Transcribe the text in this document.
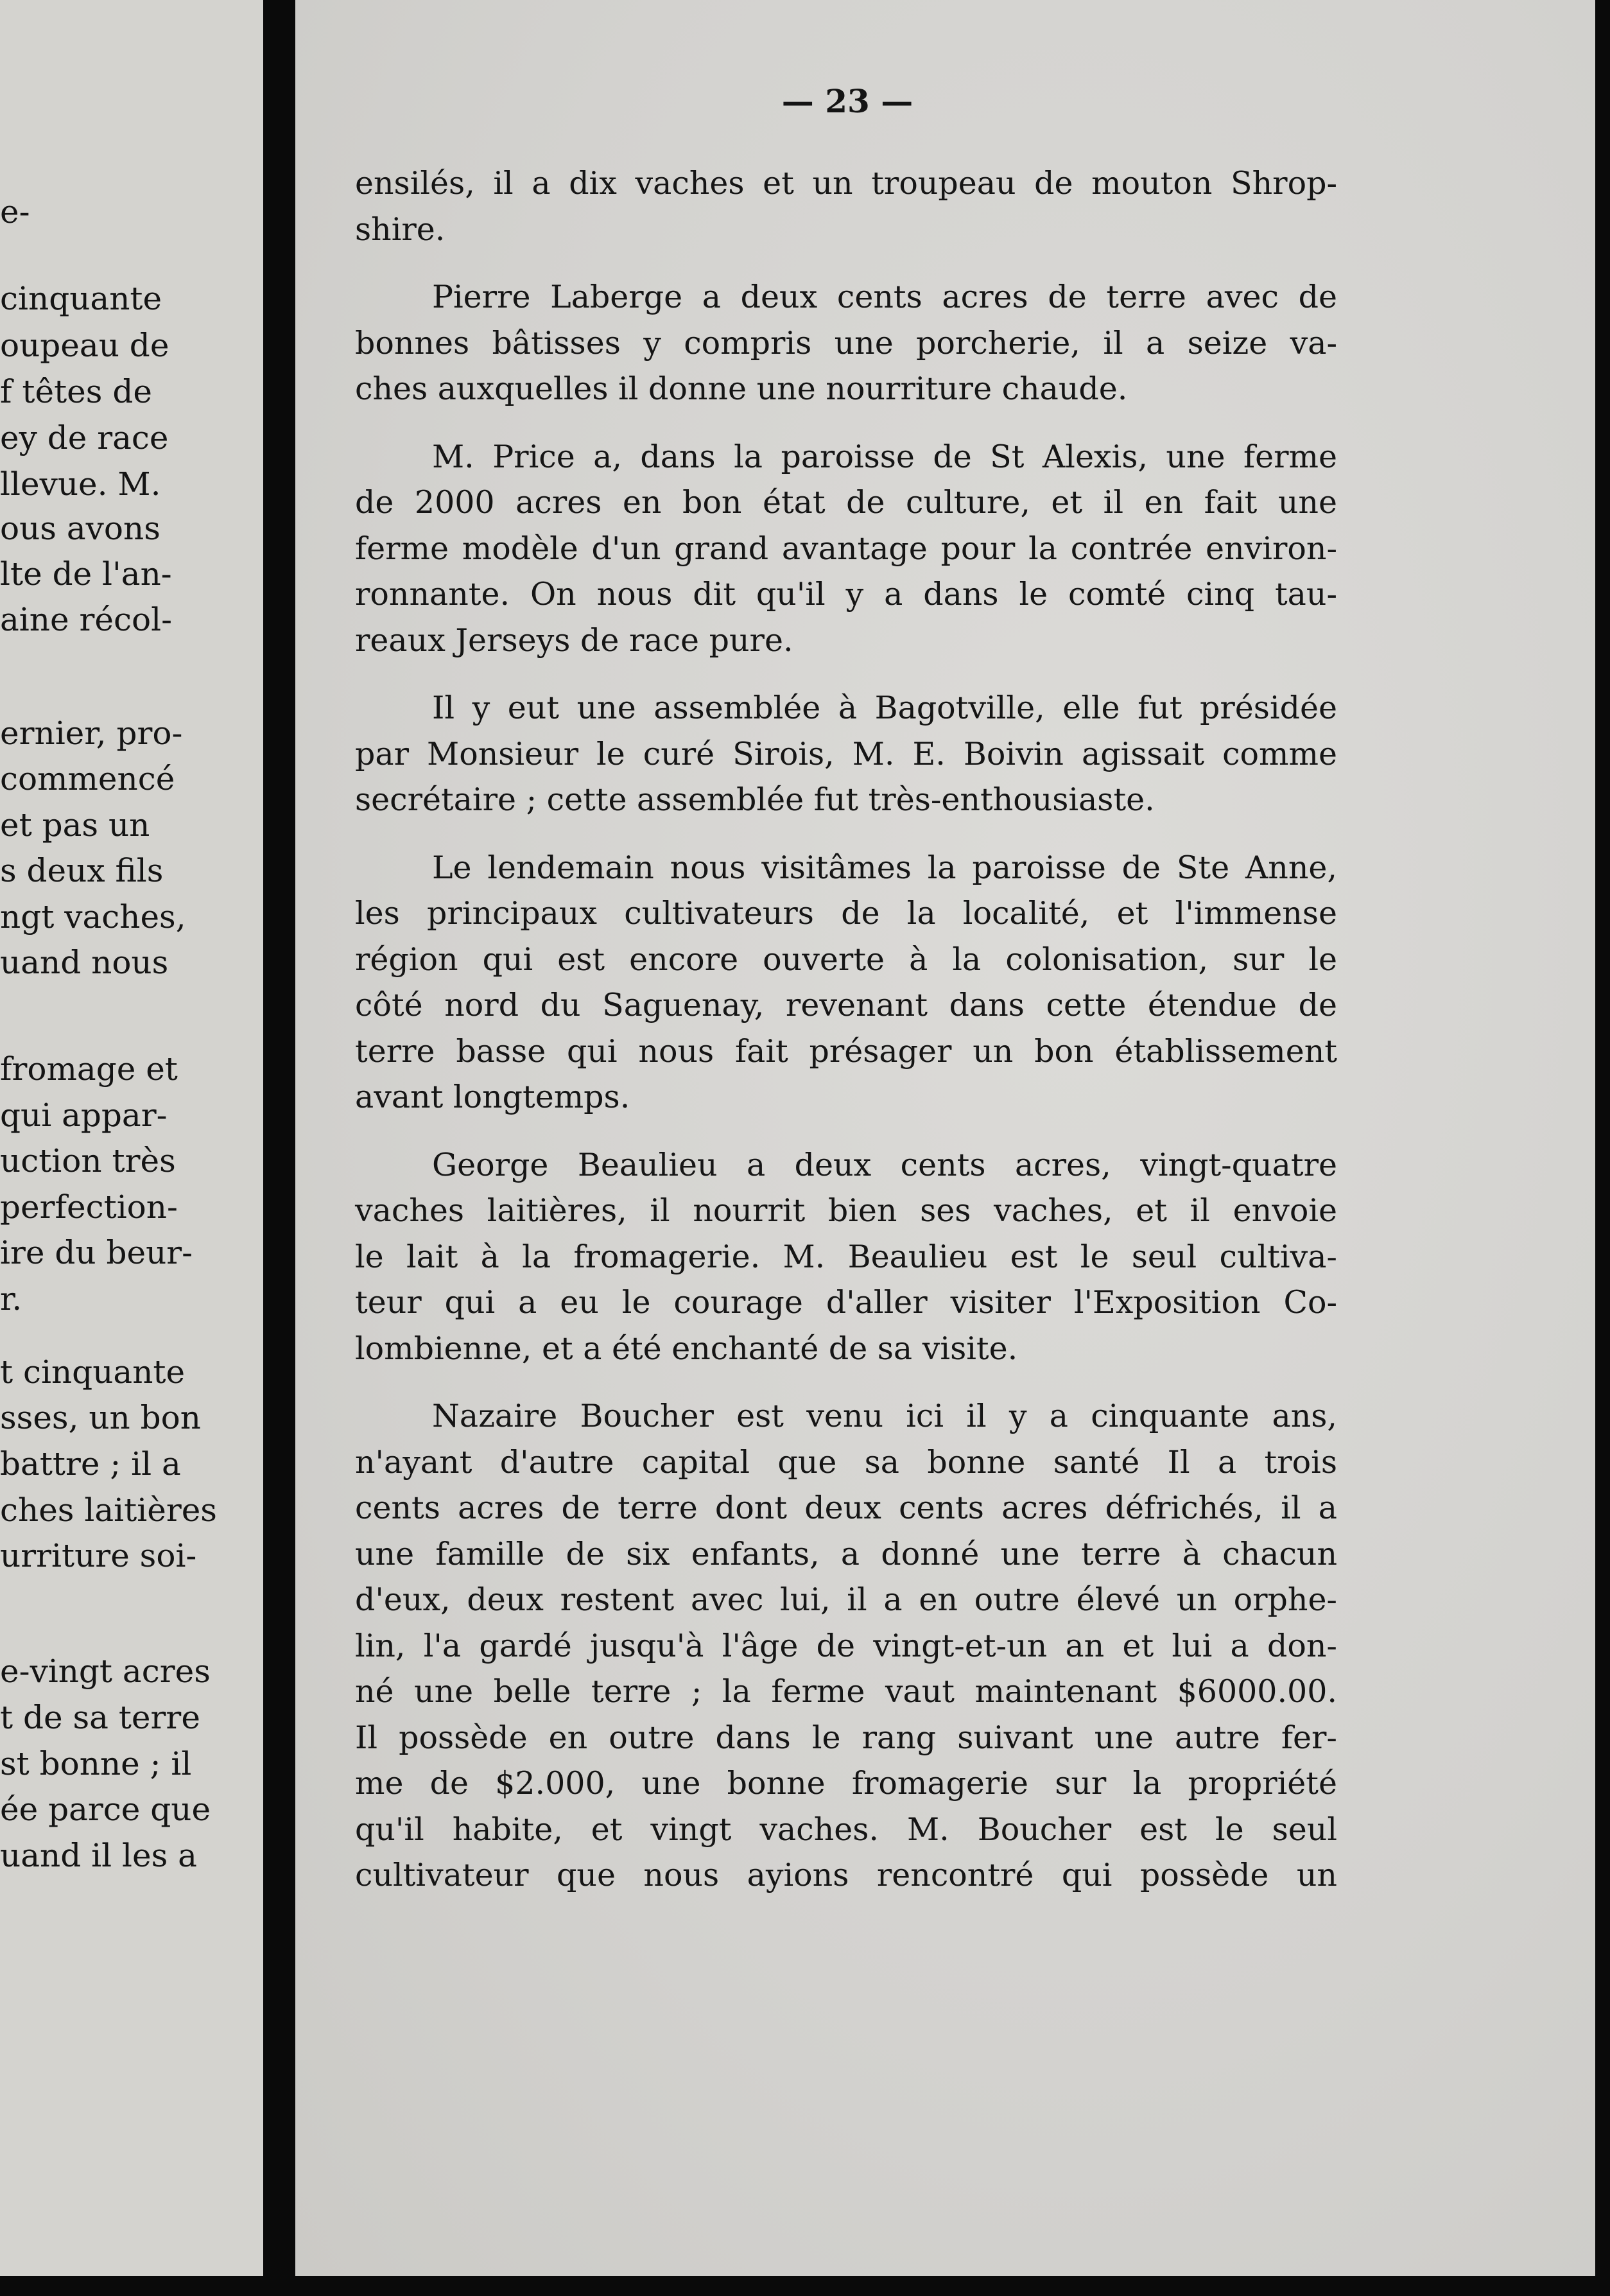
e-
cinquante
oupeau de
f têtes de
ey de race
llevue. M.
ous avons
lte de l'an-
aine récol-
ernier, pro-
commencé
et pas un
s deux fils
ngt vaches,
uand nous
fromage et
qui appar-
uction très
perfection-
ire du beur-
r.
t cinquante
sses, un bon
battre ; il a
ches laitières
urriture soi-
e-vingt acres
t de sa terre
st bonne ; il
ée parce que
uand il les a
— 23 —
ensilés, il a dix vaches et un troupeau de mouton Shrop-
shire.
Pierre Laberge a deux cents acres de terre avec de
bonnes bâtisses y compris une porcherie, il a seize va-
ches auxquelles il donne une nourriture chaude.
M. Price a, dans la paroisse de St Alexis, une ferme
de 2000 acres en bon état de culture, et il en fait une
ferme modèle d'un grand avantage pour la contrée environ-
ronnante. On nous dit qu'il y a dans le comté cinq tau-
reaux Jerseys de race pure.
Il y eut une assemblée à Bagotville, elle fut présidée
par Monsieur le curé Sirois, M. E. Boivin agissait comme
secrétaire ; cette assemblée fut très-enthousiaste.
Le lendemain nous visitâmes la paroisse de Ste Anne,
les principaux cultivateurs de la localité, et l'immense
région qui est encore ouverte à la colonisation, sur le
côté nord du Saguenay, revenant dans cette étendue de
terre basse qui nous fait présager un bon établissement
avant longtemps.
George Beaulieu a deux cents acres, vingt-quatre
vaches laitières, il nourrit bien ses vaches, et il envoie
le lait à la fromagerie. M. Beaulieu est le seul cultiva-
teur qui a eu le courage d'aller visiter l'Exposition Co-
lombienne, et a été enchanté de sa visite.
Nazaire Boucher est venu ici il y a cinquante ans,
n'ayant d'autre capital que sa bonne santé Il a trois
cents acres de terre dont deux cents acres défrichés, il a
une famille de six enfants, a donné une terre à chacun
d'eux, deux restent avec lui, il a en outre élevé un orphe-
lin, l'a gardé jusqu'à l'âge de vingt-et-un an et lui a don-
né une belle terre ; la ferme vaut maintenant $6000.00.
Il possède en outre dans le rang suivant une autre fer-
me de $2.000, une bonne fromagerie sur la propriété
qu'il habite, et vingt vaches. M. Boucher est le seul
cultivateur que nous ayions rencontré qui possède un
